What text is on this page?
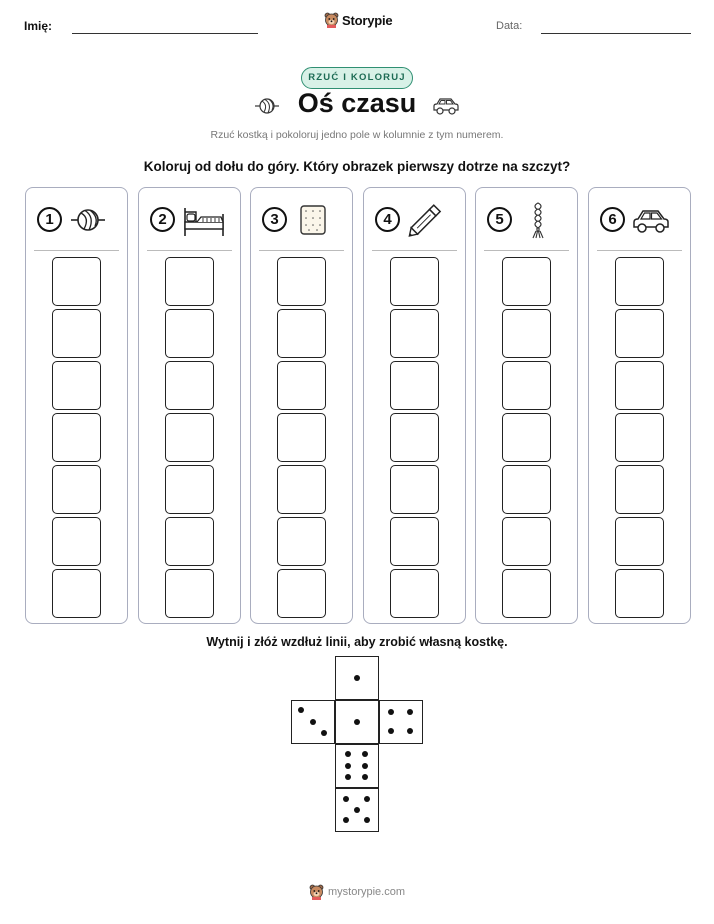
Imię:	Storypie	Data:
RZUĆ I KOLORUJ
Oś czasu
Rzuć kostką i pokoloruj jedno pole w kolumnie z tym numerem.
Koloruj od dołu do góry. Który obrazek pierwszy dotrze na szczyt?
1	2	3	4	5	6
Wytnij i złóż wzdłuż linii, aby zrobić własną kostkę.
mystorypie.com
